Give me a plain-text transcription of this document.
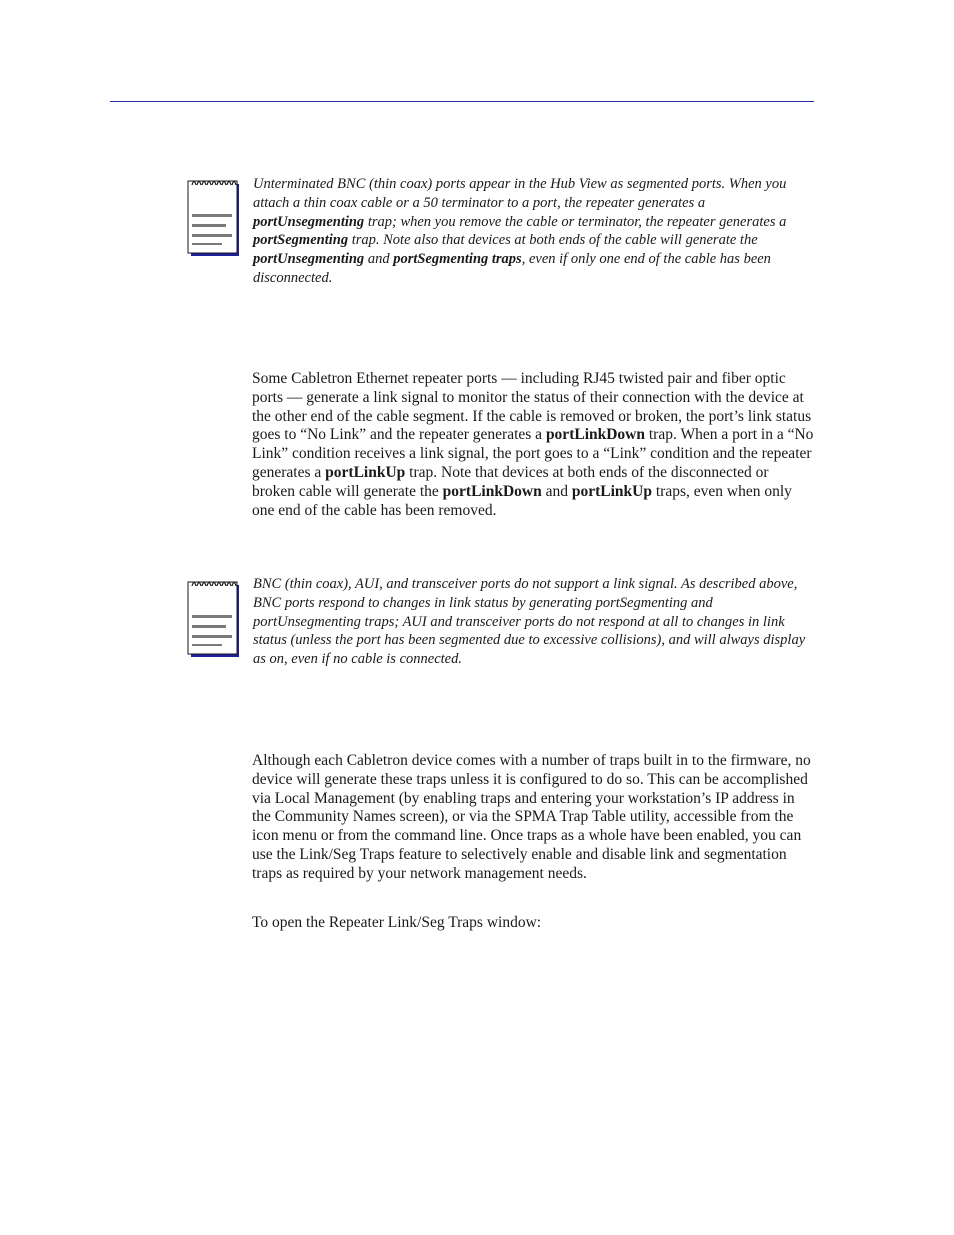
Unterminated BNC (thin coax) ports appear in the Hub View as segmented ports. When you attach a thin coax cable or a 50 terminator to a port, the repeater generates a portUnsegmenting trap; when you remove the cable or terminator, the repeater generates a portSegmenting trap. Note also that devices at both ends of the cable will generate the portUnsegmenting and portSegmenting traps, even if only one end of the cable has been disconnected.

Some Cabletron Ethernet repeater ports — including RJ45 twisted pair and fiber optic ports — generate a link signal to monitor the status of their connection with the device at the other end of the cable segment. If the cable is removed or broken, the port’s link status goes to “No Link” and the repeater generates a portLinkDown trap. When a port in a “No Link” condition receives a link signal, the port goes to a “Link” condition and the repeater generates a portLinkUp trap. Note that devices at both ends of the disconnected or broken cable will generate the portLinkDown and portLinkUp traps, even when only one end of the cable has been removed.

BNC (thin coax), AUI, and transceiver ports do not support a link signal. As described above, BNC ports respond to changes in link status by generating portSegmenting and portUnsegmenting traps; AUI and transceiver ports do not respond at all to changes in link status (unless the port has been segmented due to excessive collisions), and will always display as on, even if no cable is connected.

Although each Cabletron device comes with a number of traps built in to the firmware, no device will generate these traps unless it is configured to do so. This can be accomplished via Local Management (by enabling traps and entering your workstation’s IP address in the Community Names screen), or via the SPMA Trap Table utility, accessible from the icon menu or from the command line. Once traps as a whole have been enabled, you can use the Link/Seg Traps feature to selectively enable and disable link and segmentation traps as required by your network management needs.

To open the Repeater Link/Seg Traps window:
